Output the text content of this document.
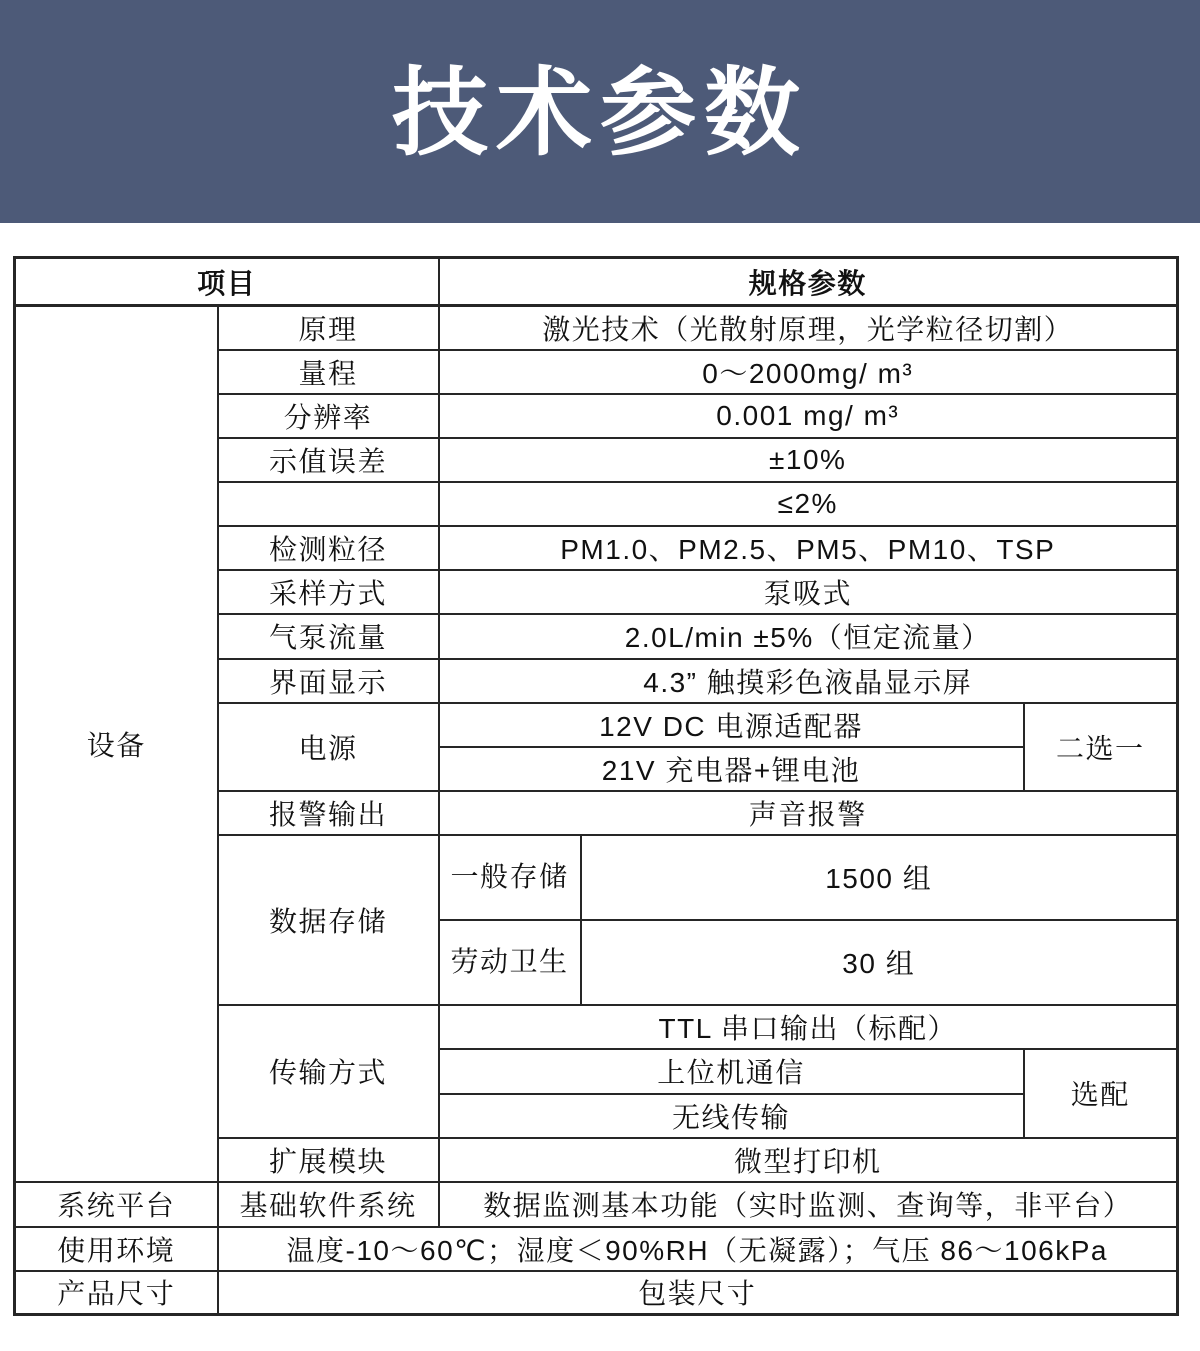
技术参数
项目		规格参数		
设备	原理	激光技术（光散射原理，光学粒径切割）		
	量程	0～2000mg/ m³		
	分辨率	0.001 mg/ m³		
	示值误差	±10%		
		≤2%		
	检测粒径	PM1.0、PM2.5、PM5、PM10、TSP		
	采样方式	泵吸式		
	气泵流量	2.0L/min ±5%（恒定流量）		
	界面显示	4.3” 触摸彩色液晶显示屏		
	电源	12V DC 电源适配器		二选一
		21V 充电器+锂电池		
	报警输出	声音报警		
	数据存储	一般存储	1500 组	
		劳动卫生	30 组	
	传输方式	TTL 串口输出（标配）		
		上位机通信		选配
		无线传输		
	扩展模块	微型打印机		
系统平台	基础软件系统	数据监测基本功能（实时监测、查询等，非平台）		
使用环境	温度-10～60℃；湿度＜90%RH（无凝露）；气压 86～106kPa			
产品尺寸	包装尺寸			
